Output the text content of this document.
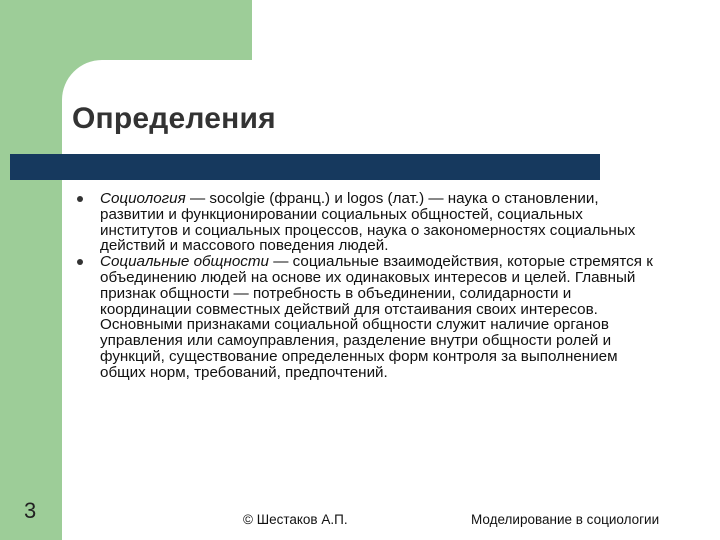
Определения
Социология — socolgie (франц.) и logos (лат.) — наука о становлении, развитии и функционировании социальных общностей, социальных институтов и социальных процессов, наука о закономерностях социальных действий и массового поведения людей.
Социальные общности — социальные взаимодействия, которые стремятся к объединению людей на основе их одинаковых интересов и целей. Главный признак общности — потребность в объединении, солидарности и координации совместных действий для отстаивания своих интересов. Основными признаками социальной общности служит наличие органов управления или самоуправления, разделение внутри общности ролей и функций, существование определенных форм контроля за выполнением общих норм, требований, предпочтений.
3	© Шестаков А.П.	Моделирование в социологии
